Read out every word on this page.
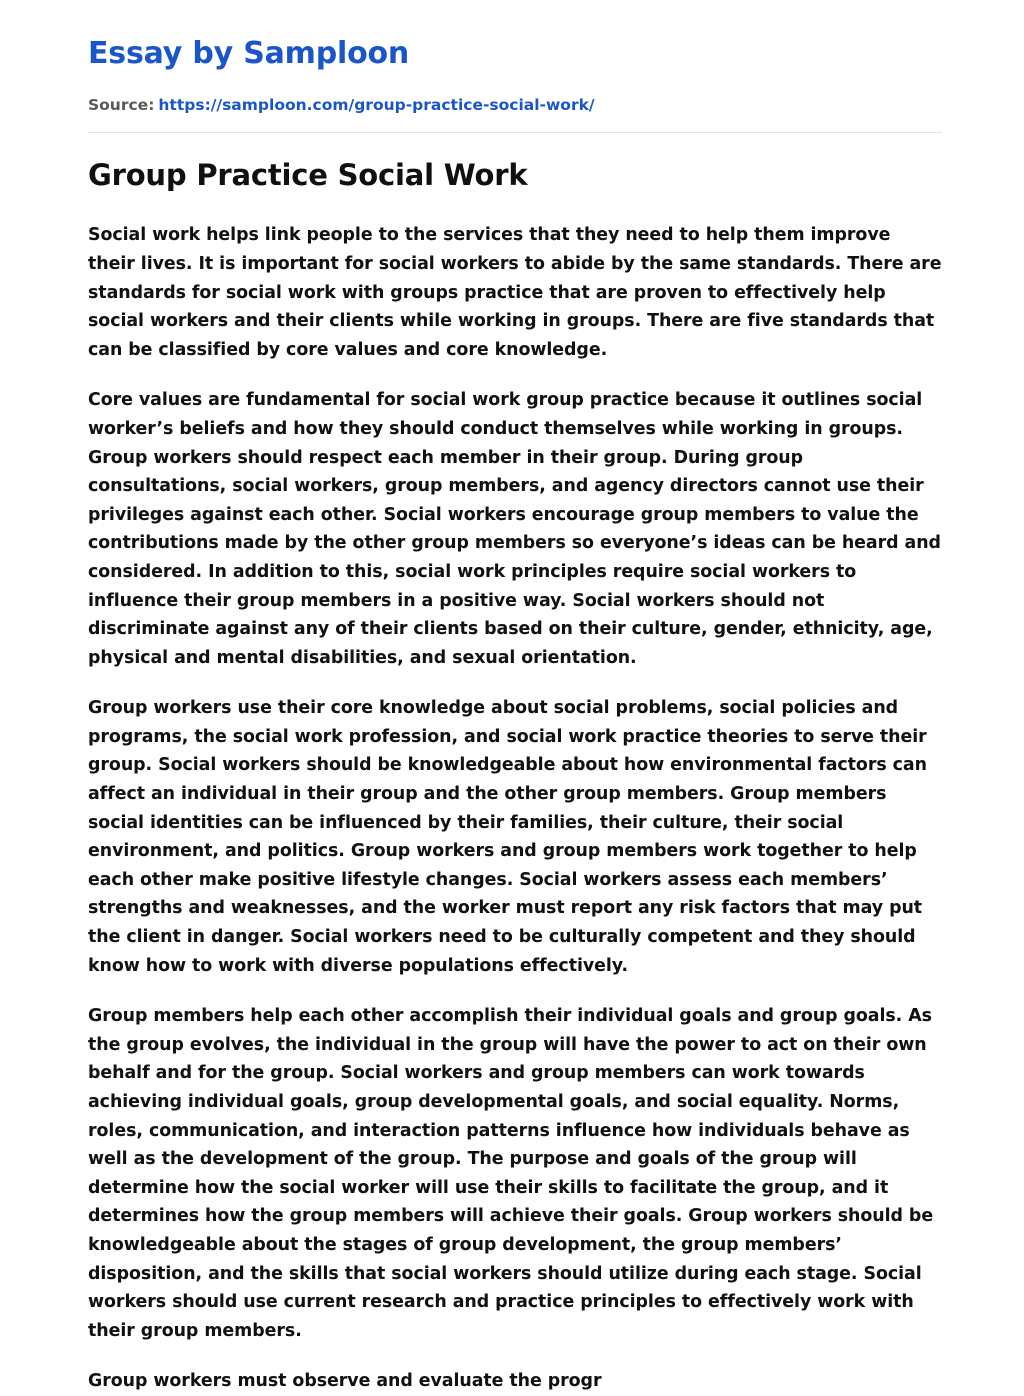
Essay by Samploon
Source: https://samploon.com/group-practice-social-work/
Group Practice Social Work

Social work helps link people to the services that they need to help them improve their lives. It is important for social workers to abide by the same standards. There are standards for social work with groups practice that are proven to effectively help social workers and their clients while working in groups. There are five standards that can be classified by core values and core knowledge.

Core values are fundamental for social work group practice because it outlines social worker’s beliefs and how they should conduct themselves while working in groups. Group workers should respect each member in their group. During group consultations, social workers, group members, and agency directors cannot use their privileges against each other. Social workers encourage group members to value the contributions made by the other group members so everyone’s ideas can be heard and considered. In addition to this, social work principles require social workers to influence their group members in a positive way. Social workers should not discriminate against any of their clients based on their culture, gender, ethnicity, age, physical and mental disabilities, and sexual orientation.

Group workers use their core knowledge about social problems, social policies and programs, the social work profession, and social work practice theories to serve their group. Social workers should be knowledgeable about how environmental factors can affect an individual in their group and the other group members. Group members social identities can be influenced by their families, their culture, their social environment, and politics. Group workers and group members work together to help each other make positive lifestyle changes. Social workers assess each members’ strengths and weaknesses, and the worker must report any risk factors that may put the client in danger. Social workers need to be culturally competent and they should know how to work with diverse populations effectively.

Group members help each other accomplish their individual goals and group goals. As the group evolves, the individual in the group will have the power to act on their own behalf and for the group. Social workers and group members can work towards achieving individual goals, group developmental goals, and social equality. Norms, roles, communication, and interaction patterns influence how individuals behave as well as the development of the group. The purpose and goals of the group will determine how the social worker will use their skills to facilitate the group, and it determines how the group members will achieve their goals. Group workers should be knowledgeable about the stages of group development, the group members’ disposition, and the skills that social workers should utilize during each stage. Social workers should use current research and practice principles to effectively work with their group members.

Group workers must observe and evaluate the progr
